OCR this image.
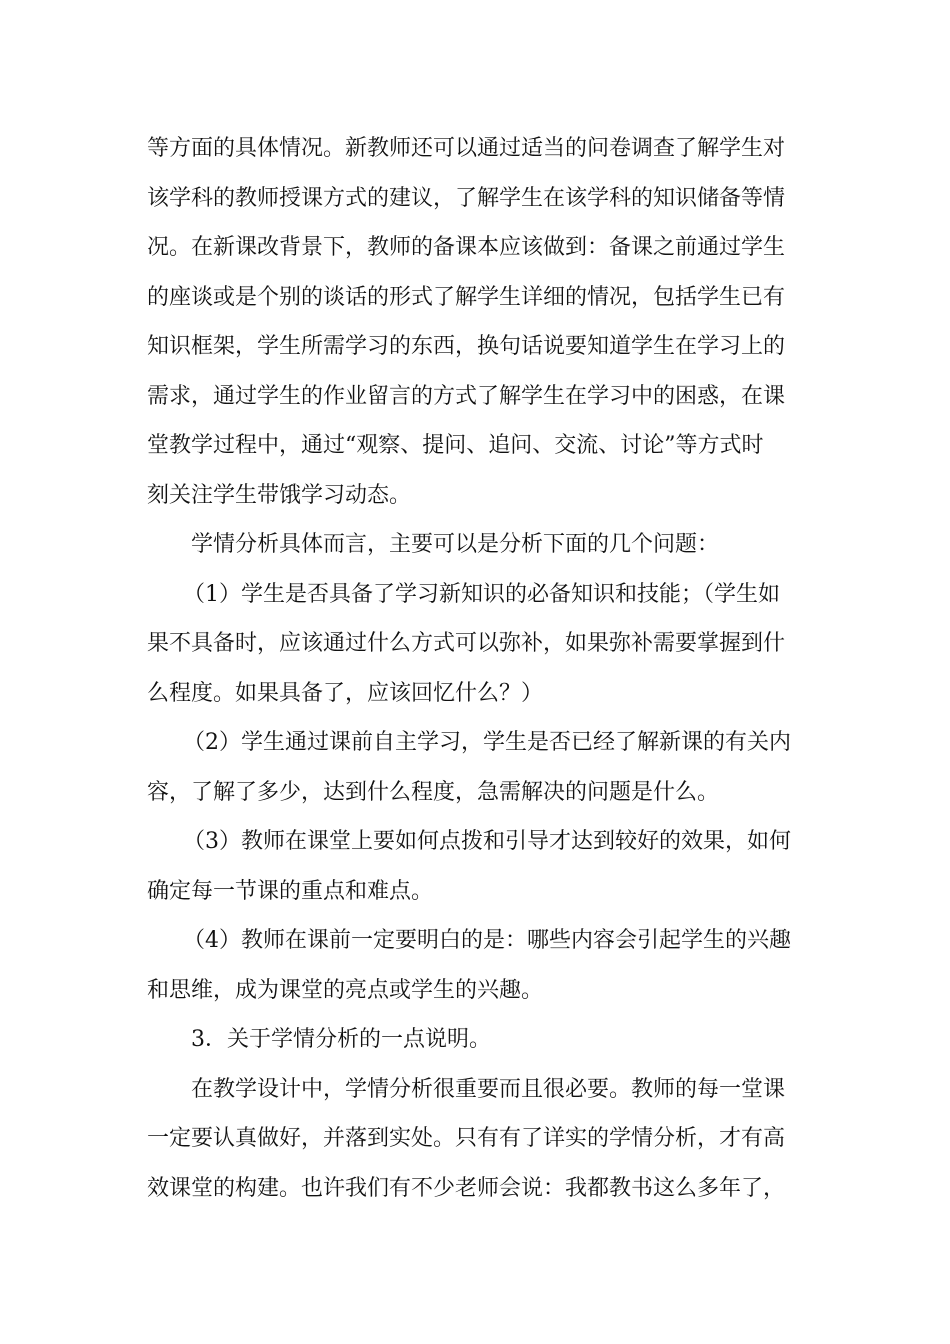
等方面的具体情况。新教师还可以通过适当的问卷调查了解学生对
该学科的教师授课方式的建议，了解学生在该学科的知识储备等情
况。在新课改背景下，教师的备课本应该做到：备课之前通过学生
的座谈或是个别的谈话的形式了解学生详细的情况，包括学生已有
知识框架，学生所需学习的东西，换句话说要知道学生在学习上的
需求，通过学生的作业留言的方式了解学生在学习中的困惑，在课
堂教学过程中，通过“观察、提问、追问、交流、讨论”等方式时
刻关注学生带饿学习动态。
学情分析具体而言，主要可以是分析下面的几个问题：
（1）学生是否具备了学习新知识的必备知识和技能；（学生如
果不具备时，应该通过什么方式可以弥补，如果弥补需要掌握到什
么程度。如果具备了，应该回忆什么？）
（2）学生通过课前自主学习，学生是否已经了解新课的有关内
容，了解了多少，达到什么程度，急需解决的问题是什么。
（3）教师在课堂上要如何点拨和引导才达到较好的效果，如何
确定每一节课的重点和难点。
（4）教师在课前一定要明白的是：哪些内容会引起学生的兴趣
和思维，成为课堂的亮点或学生的兴趣。
3．关于学情分析的一点说明。
在教学设计中，学情分析很重要而且很必要。教师的每一堂课
一定要认真做好，并落到实处。只有有了详实的学情分析，才有高
效课堂的构建。也许我们有不少老师会说：我都教书这么多年了，
